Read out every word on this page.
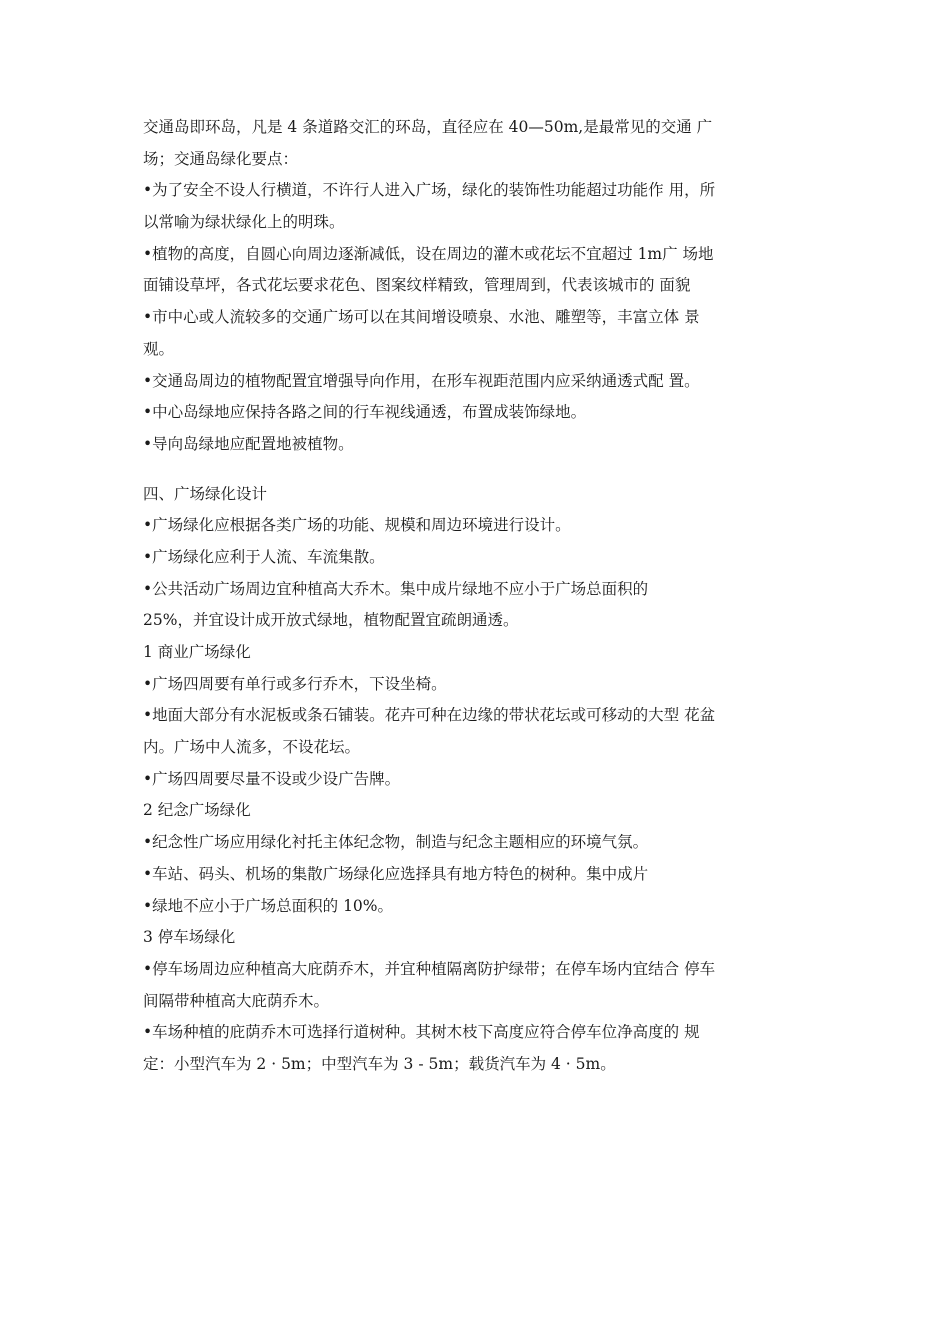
交通岛即环岛，凡是 4 条道路交汇的环岛，直径应在 40—50m,是最常见的交通 广
场；交通岛绿化要点：
•为了安全不设人行横道，不许行人进入广场，绿化的装饰性功能超过功能作 用，所
以常喻为绿状绿化上的明珠。
•植物的高度，自圆心向周边逐渐减低，设在周边的灌木或花坛不宜超过 1m广 场地
面铺设草坪，各式花坛要求花色、图案纹样精致，管理周到，代表该城市的 面貌
•市中心或人流较多的交通广场可以在其间增设喷泉、水池、雕塑等，丰富立体 景
观。
•交通岛周边的植物配置宜增强导向作用，在形车视距范围内应采纳通透式配 置。
•中心岛绿地应保持各路之间的行车视线通透，布置成装饰绿地。
•导向岛绿地应配置地被植物。
四、广场绿化设计
•广场绿化应根据各类广场的功能、规模和周边环境进行设计。
•广场绿化应利于人流、车流集散。
•公共活动广场周边宜种植高大乔木。集中成片绿地不应小于广场总面积的
25%，并宜设计成开放式绿地，植物配置宜疏朗通透。
1 商业广场绿化
•广场四周要有单行或多行乔木，下设坐椅。
•地面大部分有水泥板或条石铺装。花卉可种在边缘的带状花坛或可移动的大型 花盆
内。广场中人流多，不设花坛。
•广场四周要尽量不设或少设广告牌。
2 纪念广场绿化
•纪念性广场应用绿化衬托主体纪念物，制造与纪念主题相应的环境气氛。
•车站、码头、机场的集散广场绿化应选择具有地方特色的树种。集中成片
•绿地不应小于广场总面积的 10%。
3 停车场绿化
•停车场周边应种植高大庇荫乔木，并宜种植隔离防护绿带；在停车场内宜结合 停车
间隔带种植高大庇荫乔木。
•车场种植的庇荫乔木可选择行道树种。其树木枝下高度应符合停车位净高度的 规
定：小型汽车为 2 · 5m；中型汽车为 3 - 5m；载货汽车为 4 · 5m。
